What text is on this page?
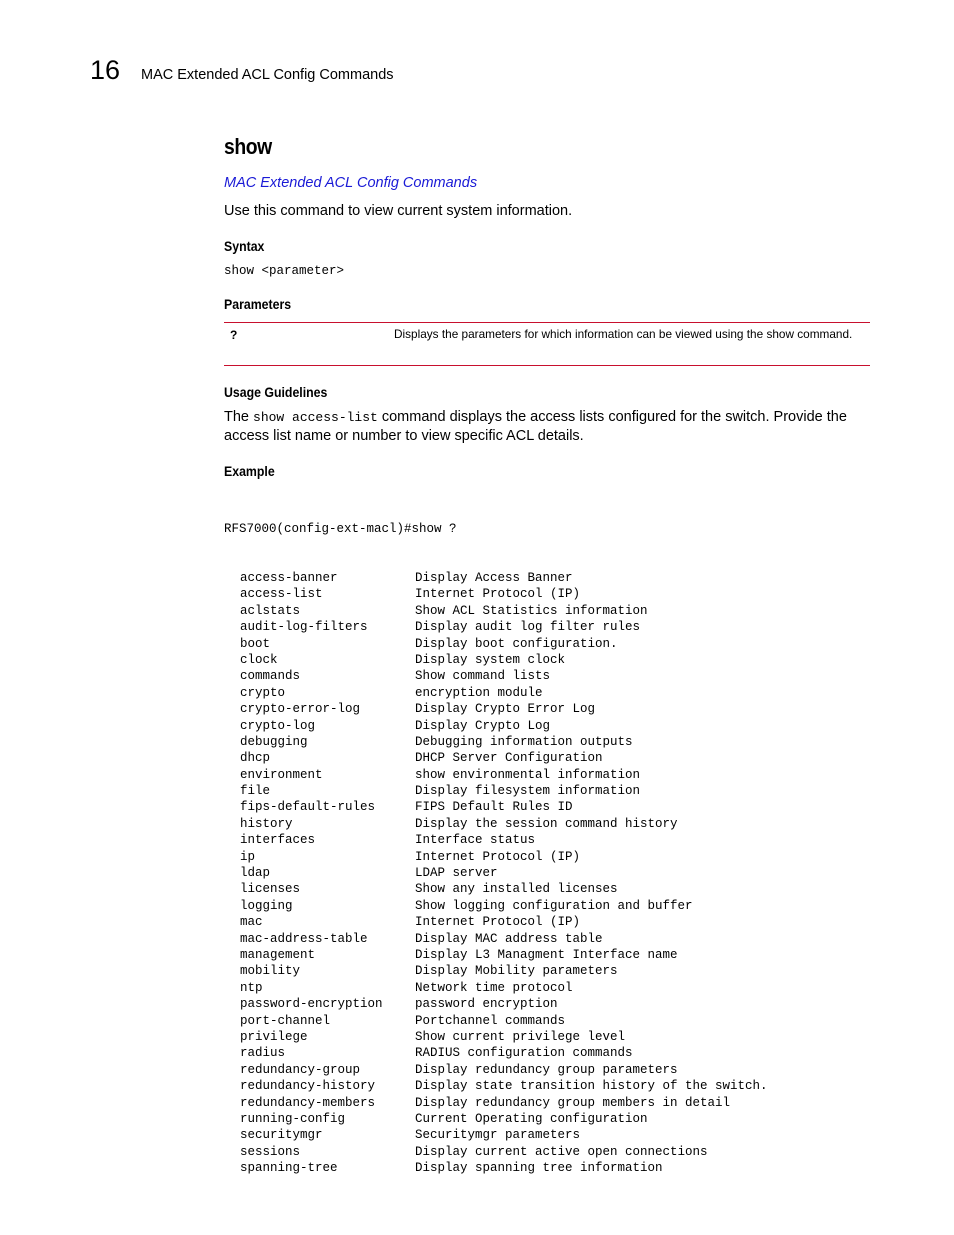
16 MAC Extended ACL Config Commands
show
MAC Extended ACL Config Commands
Use this command to view current system information.
Syntax
show <parameter>
Parameters
?	Displays the parameters for which information can be viewed using the show command.
Usage Guidelines
The show access-list command displays the access lists configured for the switch. Provide the access list name or number to view specific ACL details.
Example

RFS7000(config-ext-macl)#show ?

access-banner	Display Access Banner
access-list	Internet Protocol (IP)
aclstats	Show ACL Statistics information
audit-log-filters	Display audit log filter rules
boot	Display boot configuration.
clock	Display system clock
commands	Show command lists
crypto	encryption module
crypto-error-log	Display Crypto Error Log
crypto-log	Display Crypto Log
debugging	Debugging information outputs
dhcp	DHCP Server Configuration
environment	show environmental information
file	Display filesystem information
fips-default-rules	FIPS Default Rules ID
history	Display the session command history
interfaces	Interface status
ip	Internet Protocol (IP)
ldap	LDAP server
licenses	Show any installed licenses
logging	Show logging configuration and buffer
mac	Internet Protocol (IP)
mac-address-table	Display MAC address table
management	Display L3 Managment Interface name
mobility	Display Mobility parameters
ntp	Network time protocol
password-encryption	password encryption
port-channel	Portchannel commands
privilege	Show current privilege level
radius	RADIUS configuration commands
redundancy-group	Display redundancy group parameters
redundancy-history	Display state transition history of the switch.
redundancy-members	Display redundancy group members in detail
running-config	Current Operating configuration
securitymgr	Securitymgr parameters
sessions	Display current active open connections
spanning-tree	Display spanning tree information
